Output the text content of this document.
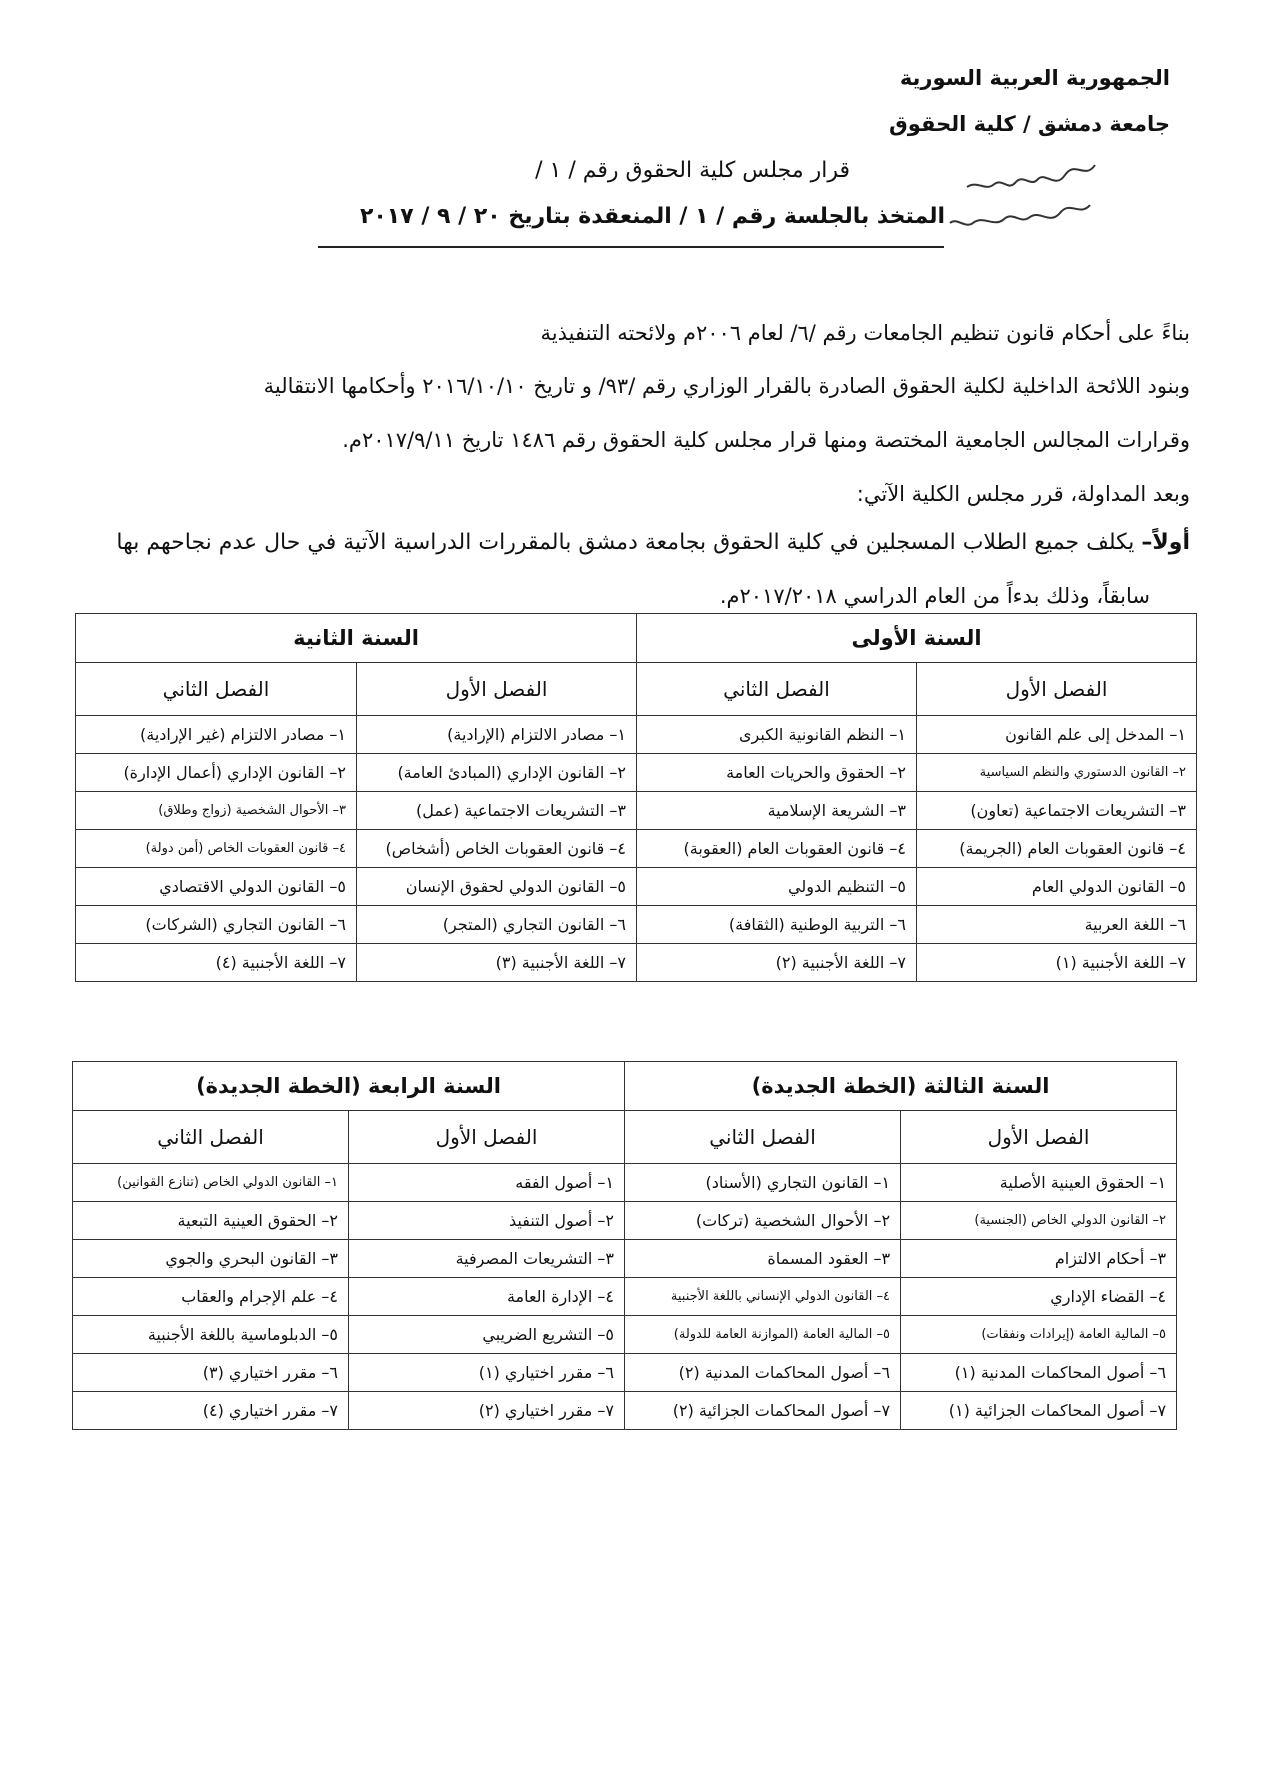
الجمهورية العربية السورية
جامعة دمشق / كلية الحقوق
قرار مجلس كلية الحقوق رقم / ١ /
المتخذ بالجلسة رقم / ١ / المنعقدة بتاريخ ٢٠ / ٩ / ٢٠١٧
بناءً على أحكام قانون تنظيم الجامعات رقم /٦/ لعام ٢٠٠٦م ولائحته التنفيذية
وبنود اللائحة الداخلية لكلية الحقوق الصادرة بالقرار الوزاري رقم /٩٣/ و تاريخ ٢٠١٦/١٠/١٠ وأحكامها الانتقالية
وقرارات المجالس الجامعية المختصة ومنها قرار مجلس كلية الحقوق رقم ١٤٨٦ تاريخ ٢٠١٧/٩/١١م.
وبعد المداولة، قرر مجلس الكلية الآتي:
أولاً– يكلف جميع الطلاب المسجلين في كلية الحقوق بجامعة دمشق بالمقررات الدراسية الآتية في حال عدم نجاحهم بها
سابقاً، وذلك بدءاً من العام الدراسي ٢٠١٧/٢٠١٨م.
السنة الأولى		السنة الثانية	
الفصل الأول	الفصل الثاني	الفصل الأول	الفصل الثاني
١– المدخل إلى علم القانون	١– النظم القانونية الكبرى	١– مصادر الالتزام (الإرادية)	١– مصادر الالتزام (غير الإرادية)
٢– القانون الدستوري والنظم السياسية	٢– الحقوق والحريات العامة	٢– القانون الإداري (المبادئ العامة)	٢– القانون الإداري (أعمال الإدارة)
٣– التشريعات الاجتماعية (تعاون)	٣– الشريعة الإسلامية	٣– التشريعات الاجتماعية (عمل)	٣– الأحوال الشخصية (زواج وطلاق)
٤– قانون العقوبات العام (الجريمة)	٤– قانون العقوبات العام (العقوبة)	٤– قانون العقوبات الخاص (أشخاص)	٤– قانون العقوبات الخاص (أمن دولة)
٥– القانون الدولي العام	٥– التنظيم الدولي	٥– القانون الدولي لحقوق الإنسان	٥– القانون الدولي الاقتصادي
٦– اللغة العربية	٦– التربية الوطنية (الثقافة)	٦– القانون التجاري (المتجر)	٦– القانون التجاري (الشركات)
٧– اللغة الأجنبية (١)	٧– اللغة الأجنبية (٢)	٧– اللغة الأجنبية (٣)	٧– اللغة الأجنبية (٤)
السنة الثالثة (الخطة الجديدة)		السنة الرابعة (الخطة الجديدة)	
الفصل الأول	الفصل الثاني	الفصل الأول	الفصل الثاني
١– الحقوق العينية الأصلية	١– القانون التجاري (الأسناد)	١– أصول الفقه	١– القانون الدولي الخاص (تنازع القوانين)
٢– القانون الدولي الخاص (الجنسية)	٢– الأحوال الشخصية (تركات)	٢– أصول التنفيذ	٢– الحقوق العينية التبعية
٣– أحكام الالتزام	٣– العقود المسماة	٣– التشريعات المصرفية	٣– القانون البحري والجوي
٤– القضاء الإداري	٤– القانون الدولي الإنساني باللغة الأجنبية	٤– الإدارة العامة	٤– علم الإجرام والعقاب
٥– المالية العامة (إيرادات ونفقات)	٥– المالية العامة (الموازنة العامة للدولة)	٥– التشريع الضريبي	٥– الدبلوماسية باللغة الأجنبية
٦– أصول المحاكمات المدنية (١)	٦– أصول المحاكمات المدنية (٢)	٦– مقرر اختياري (١)	٦– مقرر اختياري (٣)
٧– أصول المحاكمات الجزائية (١)	٧– أصول المحاكمات الجزائية (٢)	٧– مقرر اختياري (٢)	٧– مقرر اختياري (٤)
